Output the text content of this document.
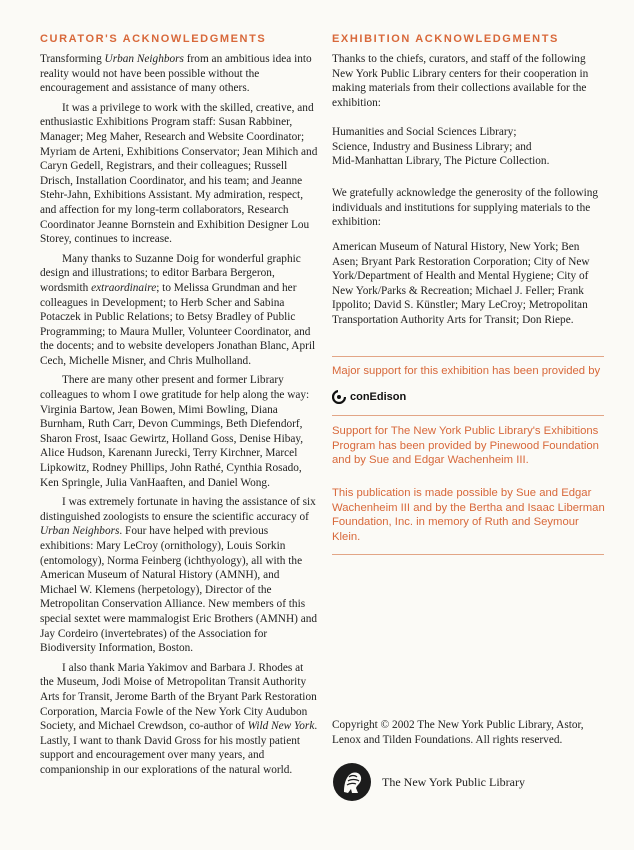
CURATOR'S ACKNOWLEDGMENTS

Transforming Urban Neighbors from an ambitious idea into reality would not have been possible without the encouragement and assistance of many others.

It was a privilege to work with the skilled, creative, and enthusiastic Exhibitions Program staff: Susan Rabbiner, Manager; Meg Maher, Research and Website Coordinator; Myriam de Arteni, Exhibitions Conservator; Jean Mihich and Caryn Gedell, Registrars, and their colleagues; Russell Drisch, Installation Coordinator, and his team; and Jeanne Stehr-Jahn, Exhibitions Assistant. My admiration, respect, and affection for my long-term collaborators, Research Coordinator Jeanne Bornstein and Exhibition Designer Lou Storey, continues to increase.

Many thanks to Suzanne Doig for wonderful graphic design and illustrations; to editor Barbara Bergeron, wordsmith extraordinaire; to Melissa Grundman and her colleagues in Development; to Herb Scher and Sabina Potaczek in Public Relations; to Betsy Bradley of Public Programming; to Maura Muller, Volunteer Coordinator, and the docents; and to website developers Jonathan Blanc, April Cech, Michelle Misner, and Chris Mulholland.

There are many other present and former Library colleagues to whom I owe gratitude for help along the way: Virginia Bartow, Jean Bowen, Mimi Bowling, Diana Burnham, Ruth Carr, Devon Cummings, Beth Diefendorf, Sharon Frost, Isaac Gewirtz, Holland Goss, Denise Hibay, Alice Hudson, Karenann Jurecki, Terry Kirchner, Marcel Lipkowitz, Rodney Phillips, John Rathé, Cynthia Rosado, Ken Springle, Julia VanHaaften, and Daniel Wong.

I was extremely fortunate in having the assistance of six distinguished zoologists to ensure the scientific accuracy of Urban Neighbors. Four have helped with previous exhibitions: Mary LeCroy (ornithology), Louis Sorkin (entomology), Norma Feinberg (ichthyology), all with the American Museum of Natural History (AMNH), and Michael W. Klemens (herpetology), Director of the Metropolitan Conservation Alliance. New members of this special sextet were mammalogist Eric Brothers (AMNH) and Jay Cordeiro (invertebrates) of the Association for Biodiversity Information, Boston.

I also thank Maria Yakimov and Barbara J. Rhodes at the Museum, Jodi Moise of Metropolitan Transit Authority Arts for Transit, Jerome Barth of the Bryant Park Restoration Corporation, Marcia Fowle of the New York City Audubon Society, and Michael Crewdson, co-author of Wild New York. Lastly, I want to thank David Gross for his mostly patient support and encouragement over many years, and companionship in our explorations of the natural world.

EXHIBITION ACKNOWLEDGMENTS

Thanks to the chiefs, curators, and staff of the following New York Public Library centers for their cooperation in making materials from their collections available for the exhibition:

Humanities and Social Sciences Library;

Science, Industry and Business Library; and

Mid-Manhattan Library, The Picture Collection.

We gratefully acknowledge the generosity of the following individuals and institutions for supplying materials to the exhibition:

American Museum of Natural History, New York; Ben Asen; Bryant Park Restoration Corporation; City of New York/Department of Health and Mental Hygiene; City of New York/Parks & Recreation; Michael J. Feller; Frank Ippolito; David S. Künstler; Mary LeCroy; Metropolitan Transportation Authority Arts for Transit; Don Riepe.

Major support for this exhibition has been provided by

conEdison

Support for The New York Public Library's Exhibitions Program has been provided by Pinewood Foundation and by Sue and Edgar Wachenheim III.

This publication is made possible by Sue and Edgar Wachenheim III and by the Bertha and Isaac Liberman Foundation, Inc. in memory of Ruth and Seymour Klein.

Copyright © 2002 The New York Public Library, Astor, Lenox and Tilden Foundations. All rights reserved.

The New York Public Library
